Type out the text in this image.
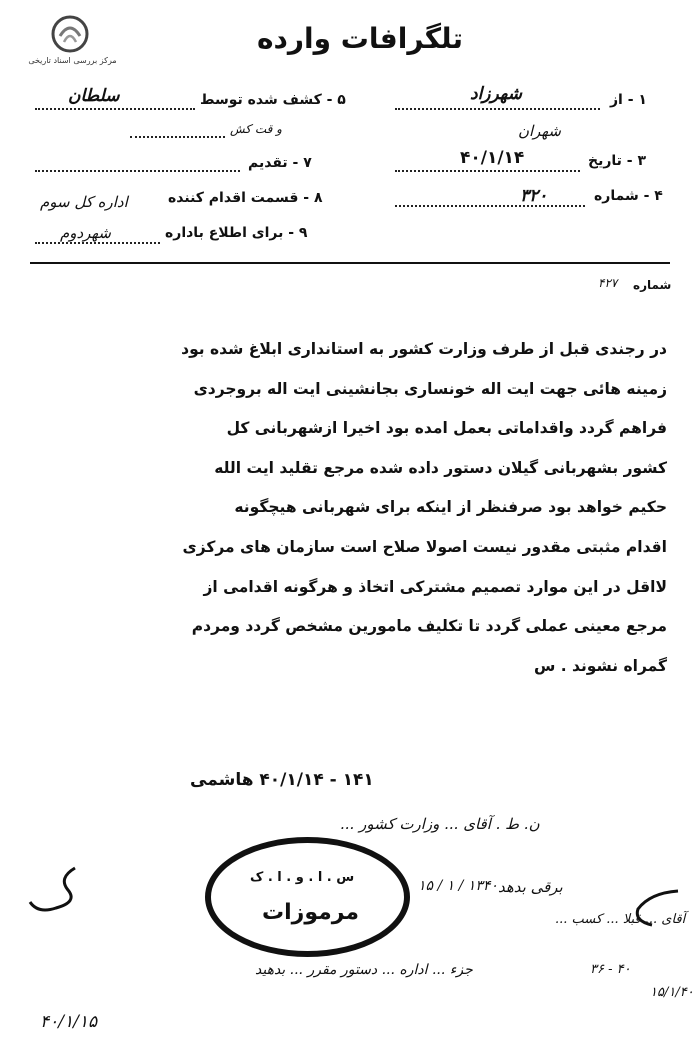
مرکز بررسی اسناد تاریخی
تلگرافات وارده
۱ - از
شهرزاد
شهران
۳ - تاریخ
۴۰/۱/۱۴
۴ - شماره
۳۲۰
۵ - کشف شده توسط
سلطان
و قت کش
۷ - تقدیم
۸ - قسمت اقدام کننده
اداره کل سوم
۹ - برای اطلاع باداره
شهردوم
شماره
۴۲۷
در رجندی قبل از طرف وزارت کشور به استانداری ابلاغ شده بود
زمینه هائی جهت ایت اله خونساری بجانشینی ایت اله بروجردی
فراهم گردد واقداماتی بعمل امده بود اخیرا ازشهربانی کل
کشور بشهربانی گیلان دستور داده شده مرجع تقلید ایت الله
حکیم خواهد بود صرفنظر از اینکه برای شهربانی هیچگونه
اقدام مثبتی مقدور نیست اصولا صلاح است سازمان های مرکزی
لااقل در این موارد تصمیم مشترکی اتخاذ و هرگونه اقدامی از
مرجع معینی عملی گردد تا تکلیف مامورین مشخص گردد ومردم
گمراه نشوند . س
۱۴۱ - ۴۰/۱/۱۴ هاشمی
س . ا . و . ا . ک
مرموزات
ن. ط . آقای ... وزارت کشور ...
برقی بدهد
۱۵ / ۱ / ۱۳۴۰
آقای ... قبلا ... کسب ...
جزء ... اداره ... دستور مقرر ... بدهید
۴۰/۱/۱۵
۳۶ - ۴۰
۱۵/۱/۴۰
